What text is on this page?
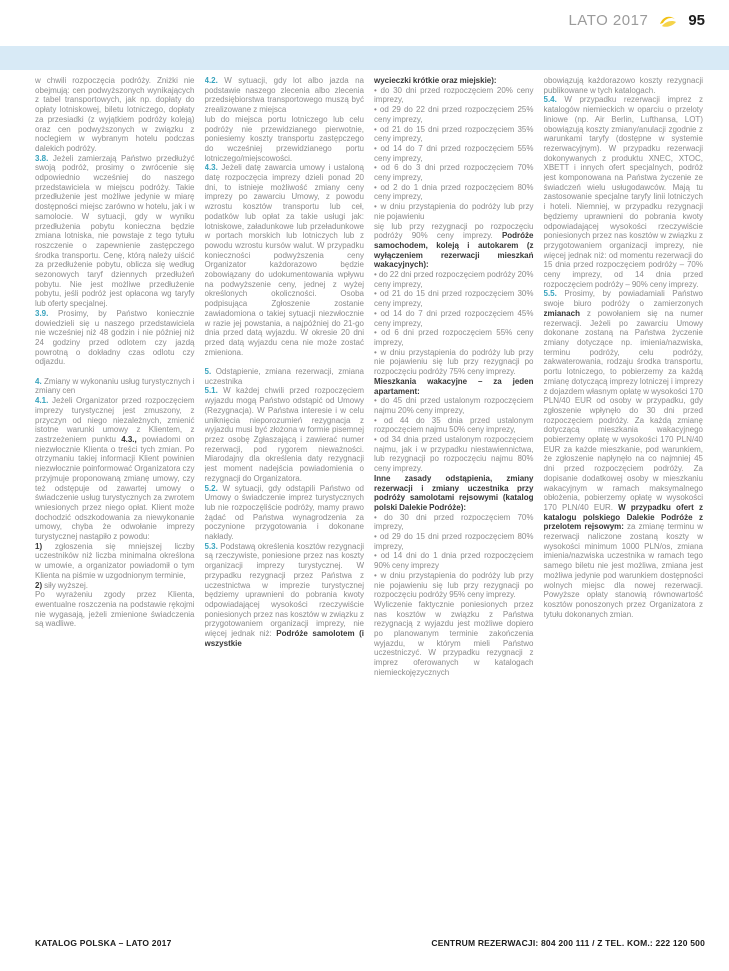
LATO 2017	95

w chwili rozpoczęcia podróży. Zniżki nie obejmują: cen podwyższonych wynikających z tabel transportowych, jak np. dopłaty do opłaty lotniskowej, biletu lotniczego, dopłaty za przesiadki (z wyjątkiem podróży koleją) oraz cen podwyższonych w związku z noclegiem w wybranym hotelu podczas dalekich podróży.

3.8. Jeżeli zamierzają Państwo przedłużyć swoją podróż, prosimy o zwrócenie się odpowiednio wcześniej do naszego przedstawiciela w miejscu podróży. Takie przedłużenie jest możliwe jedynie w miarę dostępności miejsc zarówno w hotelu, jak i w samolocie. W sytuacji, gdy w wyniku przedłużenia pobytu konieczna będzie zmiana lotniska, nie powstaje z tego tytułu roszczenie o zapewnienie zastępczego środka transportu. Cenę, którą należy uiścić za przedłużenie pobytu, oblicza się według sezonowych taryf dziennych przedłużeń pobytu. Nie jest możliwe przedłużenie pobytu, jeśli podróż jest opłacona wg taryfy lub oferty specjalnej.

3.9. Prosimy, by Państwo koniecznie dowiedzieli się u naszego przedstawiciela nie wcześniej niż 48 godzin i nie później niż 24 godziny przed odlotem czy jazdą powrotną o dokładny czas odlotu czy odjazdu.

4. Zmiany w wykonaniu usług turystycznych i zmiany cen

4.1. Jeżeli Organizator przed rozpoczęciem imprezy turystycznej jest zmuszony, z przyczyn od niego niezależnych, zmienić istotne warunki umowy z Klientem, z zastrzeżeniem punktu 4.3., powiadomi on niezwłocznie Klienta o treści tych zmian. Po otrzymaniu takiej informacji Klient powinien niezwłocznie poinformować Organizatora czy przyjmuje proponowaną zmianę umowy, czy też odstępuje od zawartej umowy o świadczenie usług turystycznych za zwrotem wniesionych przez niego opłat. Klient może dochodzić odszkodowania za niewykonanie umowy, chyba że odwołanie imprezy turystycznej nastąpiło z powodu:

1) zgłoszenia się mniejszej liczby uczestników niż liczba minimalna określona w umowie, a organizator powiadomił o tym Klienta na piśmie w uzgodnionym terminie,

2) siły wyższej.

Po wyrażeniu zgody przez Klienta, ewentualne roszczenia na podstawie rękojmi nie wygasają, jeżeli zmienione świadczenia są wadliwe.

4.2. W sytuacji, gdy lot albo jazda na podstawie naszego zlecenia albo zlecenia przedsiębiorstwa transportowego muszą być zrealizowane z miejsca

lub do miejsca portu lotniczego lub celu podróży nie przewidzianego pierwotnie, poniesiemy koszty transportu zastępczego do wcześniej przewidzianego portu lotniczego/miejscowości.

4.3. Jeżeli datę zawarcia umowy i ustaloną datę rozpoczęcia imprezy dzieli ponad 20 dni, to istnieje możliwość zmiany ceny imprezy po zawarciu Umowy, z powodu wzrostu kosztów transportu lub ceł, podatków lub opłat za takie usługi jak: lotniskowe, załadunkowe lub przeładunkowe w portach morskich lub lotniczych lub z powodu wzrostu kursów walut. W przypadku konieczności podwyższenia ceny Organizator każdorazowo będzie zobowiązany do udokumentowania wpływu na podwyższenie ceny, jednej z wyżej określonych okoliczności. Osoba podpisująca Zgłoszenie zostanie zawiadomiona o takiej sytuacji niezwłocznie w razie jej powstania, a najpóźniej do 21-go dnia przed datą wyjazdu. W okresie 20 dni przed datą wyjazdu cena nie może zostać zmieniona.

5. Odstąpienie, zmiana rezerwacji, zmiana uczestnika

5.1. W każdej chwili przed rozpoczęciem wyjazdu mogą Państwo odstąpić od Umowy (Rezygnacja). W Państwa interesie i w celu uniknięcia nieporozumień rezygnacja z wyjazdu musi być złożona w formie pisemnej przez osobę Zgłaszającą i zawierać numer rezerwacji, pod rygorem nieważności. Miarodajny dla określenia daty rezygnacji jest moment nadejścia powiadomienia o rezygnacji do Organizatora.

5.2. W sytuacji, gdy odstąpili Państwo od Umowy o świadczenie imprez turystycznych lub nie rozpoczęliście podróży, mamy prawo żądać od Państwa wynagrodzenia za poczynione przygotowania i dokonane nakłady.

5.3. Podstawą określenia kosztów rezygnacji są rzeczywiste, poniesione przez nas koszty organizacji imprezy turystycznej. W przypadku rezygnacji przez Państwa z uczestnictwa w imprezie turystycznej będziemy uprawnieni do pobrania kwoty odpowiadającej wysokości rzeczywiście poniesionych przez nas kosztów w związku z przygotowaniem organizacji imprezy, nie więcej jednak niż: Podróże samolotem (i wszystkie

wycieczki krótkie oraz miejskie):

• do 30 dni przed rozpoczęciem 20% ceny imprezy,

• od 29 do 22 dni przed rozpoczęciem 25% ceny imprezy,

• od 21 do 15 dni przed rozpoczęciem 35% ceny imprezy,

• od 14 do 7 dni przed rozpoczęciem 55% ceny imprezy,

• od 6 do 3 dni przed rozpoczęciem 70% ceny imprezy,

• od 2 do 1 dnia przed rozpoczęciem 80% ceny imprezy,

• w dniu przystąpienia do podróży lub przy nie pojawieniu

się lub przy rezygnacji po rozpoczęciu podróży 90% ceny imprezy. Podróże samochodem, koleją i autokarem (z wyłączeniem rezerwacji mieszkań wakacyjnych):

• do 22 dni przed rozpoczęciem podróży 20% ceny imprezy,

• od 21 do 15 dni przed rozpoczęciem 30% ceny imprezy,

• od 14 do 7 dni przed rozpoczęciem 45% ceny imprezy,

• od 6 dni przed rozpoczęciem 55% ceny imprezy,

• w dniu przystąpienia do podróży lub przy nie pojawieniu się lub przy rezygnacji po rozpoczęciu podróży 75% ceny imprezy.

Mieszkania wakacyjne – za jeden apartament:

• do 45 dni przed ustalonym rozpoczęciem najmu 20% ceny imprezy,

• od 44 do 35 dnia przed ustalonym rozpoczęciem najmu 50% ceny imprezy,

• od 34 dnia przed ustalonym rozpoczęciem najmu, jak i w przypadku niestawiennictwa, lub rezygnacji po rozpoczęciu najmu 80% ceny imprezy.

Inne zasady odstąpienia, zmiany rezerwacji i zmiany uczestnika przy podróży samolotami rejsowymi (katalog polski Dalekie Podróże):

• do 30 dni przed rozpoczęciem 70% imprezy,

• od 29 do 15 dni przed rozpoczęciem 80% imprezy,

• od 14 dni do 1 dnia przed rozpoczęciem 90% ceny imprezy

• w dniu przystąpienia do podróży lub przy nie pojawieniu się lub przy rezygnacji po rozpoczęciu podróży 95% ceny imprezy.

Wyliczenie faktycznie poniesionych przez nas kosztów w związku z Państwa rezygnacją z wyjazdu jest możliwe dopiero po planowanym terminie zakończenia wyjazdu, w którym mieli Państwo uczestniczyć. W przypadku rezygnacji z imprez oferowanych w katalogach niemieckojęzycznych

obowiązują każdorazowo koszty rezygnacji publikowane w tych katalogach.

5.4. W przypadku rezerwacji imprez z katalogów niemieckich w oparciu o przeloty liniowe (np. Air Berlin, Lufthansa, LOT) obowiązują koszty zmiany/anulacji zgodnie z warunkami taryfy (dostępne w systemie rezerwacyjnym). W przypadku rezerwacji dokonywanych z produktu XNEC, XTOC, XBETT i innych ofert specjalnych, podróż jest komponowana na Państwa życzenie ze świadczeń wielu usługodawców. Mają tu zastosowanie specjalne taryfy linii lotniczych i hoteli. Niemniej, w przypadku rezygnacji będziemy uprawnieni do pobrania kwoty odpowiadającej wysokości rzeczywiście poniesionych przez nas kosztów w związku z przygotowaniem organizacji imprezy, nie więcej jednak niż: od momentu rezerwacji do 15 dnia przed rozpoczęciem podróży – 70% ceny imprezy, od 14 dnia przed rozpoczęciem podróży – 90% ceny imprezy.

5.5. Prosimy, by powiadamiali Państwo swoje biuro podróży o zamierzonych zmianach z powołaniem się na numer rezerwacji. Jeżeli po zawarciu Umowy dokonane zostaną na Państwa życzenie zmiany dotyczące np. imienia/nazwiska, terminu podróży, celu podróży, zakwaterowania, rodzaju środka transportu, portu lotniczego, to pobierzemy za każdą zmianę dotyczącą imprezy lotniczej i imprezy z dojazdem własnym opłatę w wysokości 170 PLN/40 EUR od osoby w przypadku, gdy zgłoszenie wpłynęło do 30 dni przed rozpoczęciem podróży. Za każdą zmianę dotyczącą mieszkania wakacyjnego pobierzemy opłatę w wysokości 170 PLN/40 EUR za każde mieszkanie, pod warunkiem, że zgłoszenie napłynęło na co najmniej 45 dni przed rozpoczęciem podróży. Za dopisanie dodatkowej osoby w mieszkaniu wakacyjnym w ramach maksymalnego obłożenia, pobierzemy opłatę w wysokości 170 PLN/40 EUR. W przypadku ofert z katalogu polskiego Dalekie Podróże z przelotem rejsowym: za zmianę terminu w rezerwacji naliczone zostaną koszty w wysokości minimum 1000 PLN/os, zmiana imienia/nazwiska uczestnika w ramach tego samego biletu nie jest możliwa, zmiana jest możliwa jedynie pod warunkiem dostępności wolnych miejsc dla nowej rezerwacji. Powyższe opłaty stanowią równowartość kosztów ponoszonych przez Organizatora z tytułu dokonanych zmian.

KATALOG POLSKA – LATO 2017	CENTRUM REZERWACJI: 804 200 111 / Z TEL. KOM.: 222 120 500
